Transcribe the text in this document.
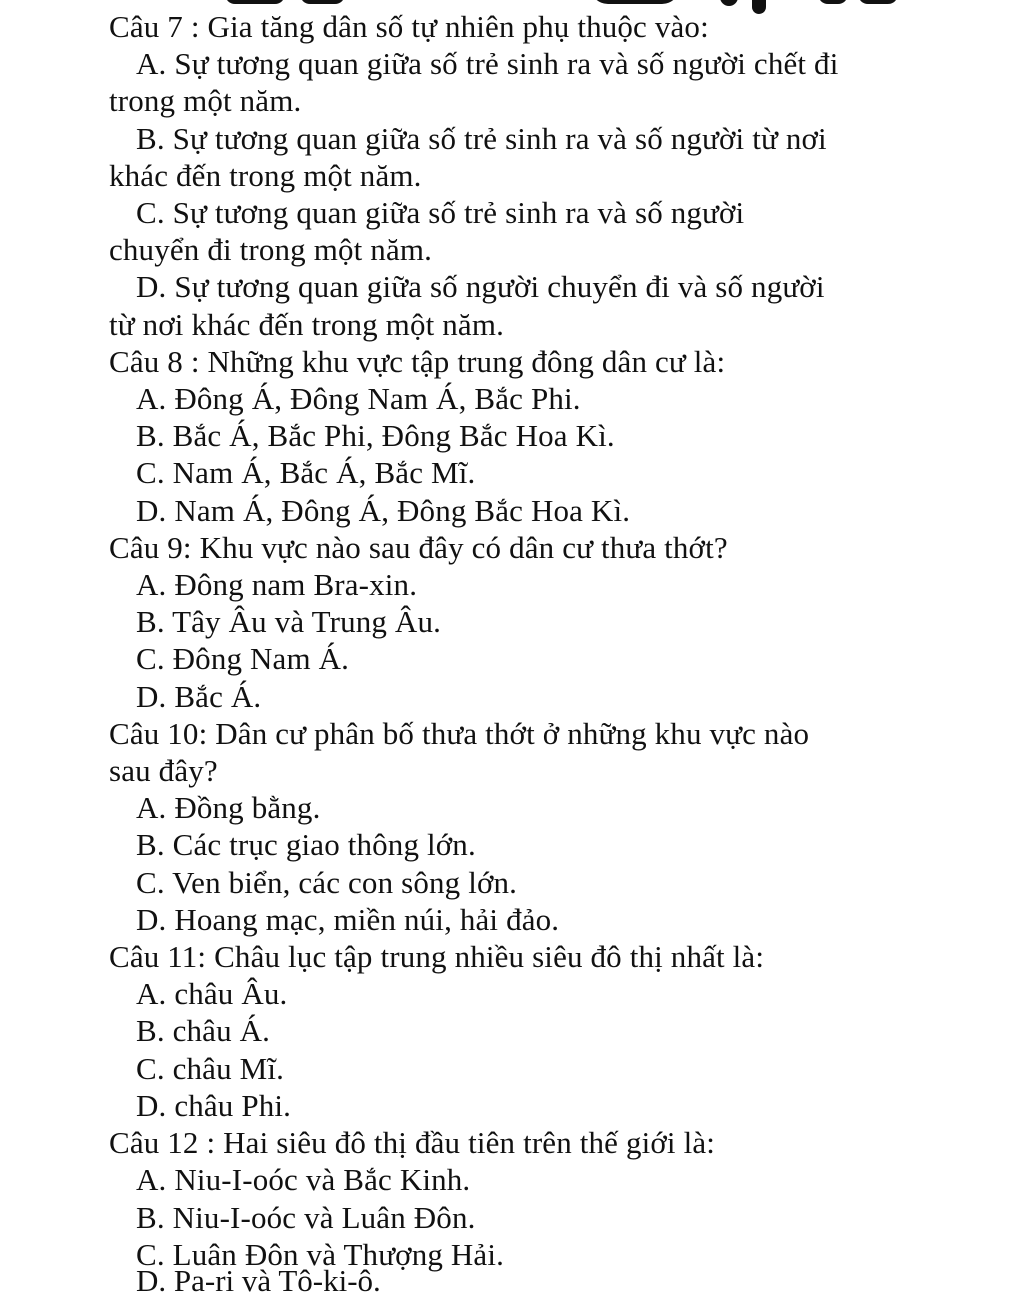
Câu 7 : Gia tăng dân số tự nhiên phụ thuộc vào:
A. Sự tương quan giữa số trẻ sinh ra và số người chết đi
trong một năm.
B. Sự tương quan giữa số trẻ sinh ra và số người từ nơi
khác đến trong một năm.
C. Sự tương quan giữa số trẻ sinh ra và số người
chuyển đi trong một năm.
D. Sự tương quan giữa số người chuyển đi và số người
từ nơi khác đến trong một năm.
Câu 8 : Những khu vực tập trung đông dân cư là:
A. Đông Á, Đông Nam Á, Bắc Phi.
B. Bắc Á, Bắc Phi, Đông Bắc Hoa Kì.
C. Nam Á, Bắc Á, Bắc Mĩ.
D. Nam Á, Đông Á, Đông Bắc Hoa Kì.
Câu 9: Khu vực nào sau đây có dân cư thưa thớt?
A. Đông nam Bra-xin.
B. Tây Âu và Trung Âu.
C. Đông Nam Á.
D. Bắc Á.
Câu 10: Dân cư phân bố thưa thớt ở những khu vực nào
sau đây?
A. Đồng bằng.
B. Các trục giao thông lớn.
C. Ven biển, các con sông lớn.
D. Hoang mạc, miền núi, hải đảo.
Câu 11: Châu lục tập trung nhiều siêu đô thị nhất là:
A. châu Âu.
B. châu Á.
C. châu Mĩ.
D. châu Phi.
Câu 12 : Hai siêu đô thị đầu tiên trên thế giới là:
A. Niu-I-oóc và Bắc Kinh.
B. Niu-I-oóc và Luân Đôn.
C. Luân Đôn và Thượng Hải.
D. Pa-ri và Tô-ki-ô.
